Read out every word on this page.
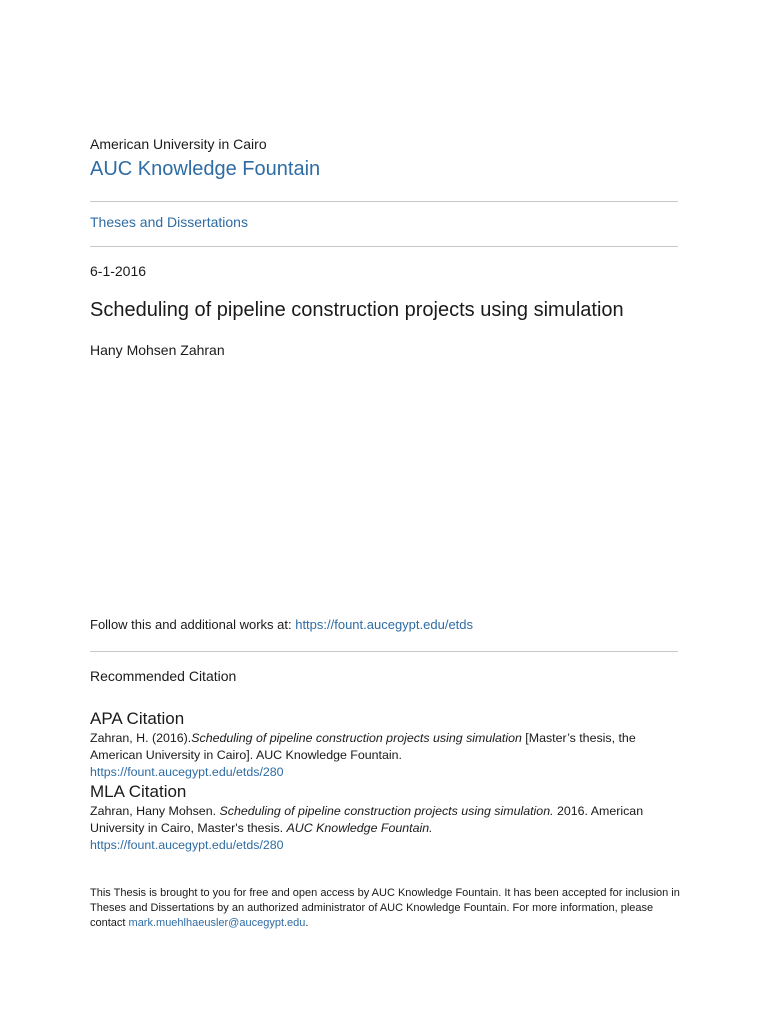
American University in Cairo
AUC Knowledge Fountain
Theses and Dissertations
6-1-2016
Scheduling of pipeline construction projects using simulation
Hany Mohsen Zahran
Follow this and additional works at: https://fount.aucegypt.edu/etds
Recommended Citation
APA Citation

Zahran, H. (2016).Scheduling of pipeline construction projects using simulation [Master’s thesis, the American University in Cairo]. AUC Knowledge Fountain.

https://fount.aucegypt.edu/etds/280

MLA Citation

Zahran, Hany Mohsen. Scheduling of pipeline construction projects using simulation. 2016. American University in Cairo, Master's thesis. AUC Knowledge Fountain.

https://fount.aucegypt.edu/etds/280

This Thesis is brought to you for free and open access by AUC Knowledge Fountain. It has been accepted for inclusion in Theses and Dissertations by an authorized administrator of AUC Knowledge Fountain. For more information, please contact mark.muehlhaeusler@aucegypt.edu.
